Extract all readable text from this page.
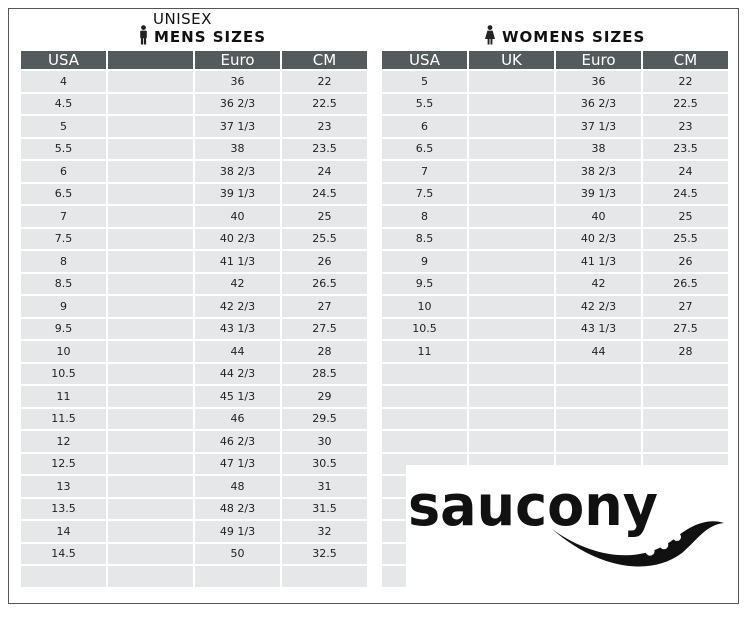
UNISEX
MENS SIZES	WOMENS SIZES
USA		Euro	CM
4		36	22
4.5		36 2/3	22.5
5		37 1/3	23
5.5		38	23.5
6		38 2/3	24
6.5		39 1/3	24.5
7		40	25
7.5		40 2/3	25.5
8		41 1/3	26
8.5		42	26.5
9		42 2/3	27
9.5		43 1/3	27.5
10		44	28
10.5		44 2/3	28.5
11		45 1/3	29
11.5		46	29.5
12		46 2/3	30
12.5		47 1/3	30.5
13		48	31
13.5		48 2/3	31.5
14		49 1/3	32
14.5		50	32.5

USA	UK	Euro	CM
5		36	22
5.5		36 2/3	22.5
6		37 1/3	23
6.5		38	23.5
7		38 2/3	24
7.5		39 1/3	24.5
8		40	25
8.5		40 2/3	25.5
9		41 1/3	26
9.5		42	26.5
10		42 2/3	27
10.5		43 1/3	27.5
11		44	28

saucony
